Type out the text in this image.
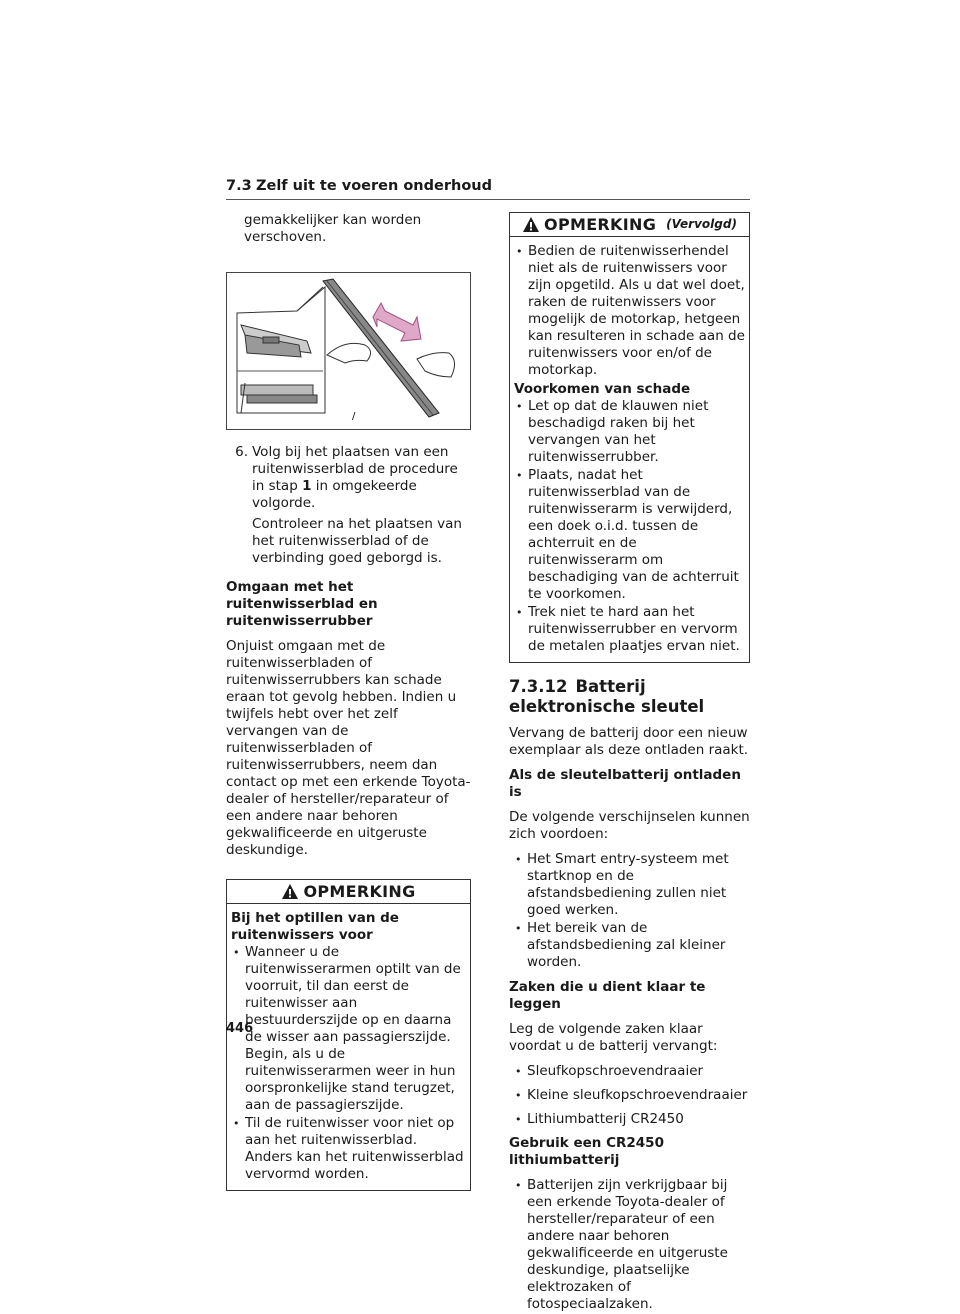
7.3 Zelf uit te voeren onderhoud

gemakkelijker kan worden verschoven.

/
6. Volg bij het plaatsen van een ruitenwisserblad de procedure in stap 1 in omgekeerde volgorde.

Controleer na het plaatsen van het ruitenwisserblad of de verbinding goed geborgd is.

Omgaan met het ruitenwisserblad en ruitenwisserrubber

Onjuist omgaan met de ruitenwisserbladen of ruitenwisserrubbers kan schade eraan tot gevolg hebben. Indien u twijfels hebt over het zelf vervangen van de ruitenwisserbladen of ruitenwisserrubbers, neem dan contact op met een erkende Toyota-dealer of hersteller/reparateur of een andere naar behoren gekwalificeerde en uitgeruste deskundige.

OPMERKING

Bij het optillen van de ruitenwissers voor

• Wanneer u de ruitenwisserarmen optilt van de voorruit, til dan eerst de ruitenwisser aan bestuurderszijde op en daarna de wisser aan passagierszijde. Begin, als u de ruitenwisserarmen weer in hun oorspronkelijke stand terugzet, aan de passagierszijde.
• Til de ruitenwisser voor niet op aan het ruitenwisserblad. Anders kan het ruitenwisserblad vervormd worden.
OPMERKING (Vervolgd)
• Bedien de ruitenwisserhendel niet als de ruitenwissers voor zijn opgetild. Als u dat wel doet, raken de ruitenwissers voor mogelijk de motorkap, hetgeen kan resulteren in schade aan de ruitenwissers voor en/of de motorkap.

Voorkomen van schade

• Let op dat de klauwen niet beschadigd raken bij het vervangen van het ruitenwisserrubber.
• Plaats, nadat het ruitenwisserblad van de ruitenwisserarm is verwijderd, een doek o.i.d. tussen de achterruit en de ruitenwisserarm om beschadiging van de achterruit te voorkomen.
• Trek niet te hard aan het ruitenwisserrubber en vervorm de metalen plaatjes ervan niet.
7.3.12 Batterij elektronische sleutel

Vervang de batterij door een nieuw exemplaar als deze ontladen raakt.

Als de sleutelbatterij ontladen is

De volgende verschijnselen kunnen zich voordoen:

• Het Smart entry-systeem met startknop en de afstandsbediening zullen niet goed werken.
• Het bereik van de afstandsbediening zal kleiner worden.

Zaken die u dient klaar te leggen

Leg de volgende zaken klaar voordat u de batterij vervangt:

• Sleufkopschroevendraaier
• Kleine sleufkopschroevendraaier
• Lithiumbatterij CR2450

Gebruik een CR2450 lithiumbatterij

• Batterijen zijn verkrijgbaar bij een erkende Toyota-dealer of hersteller/reparateur of een andere naar behoren gekwalificeerde en uitgeruste deskundige, plaatselijke elektrozaken of fotospeciaalzaken.
446
